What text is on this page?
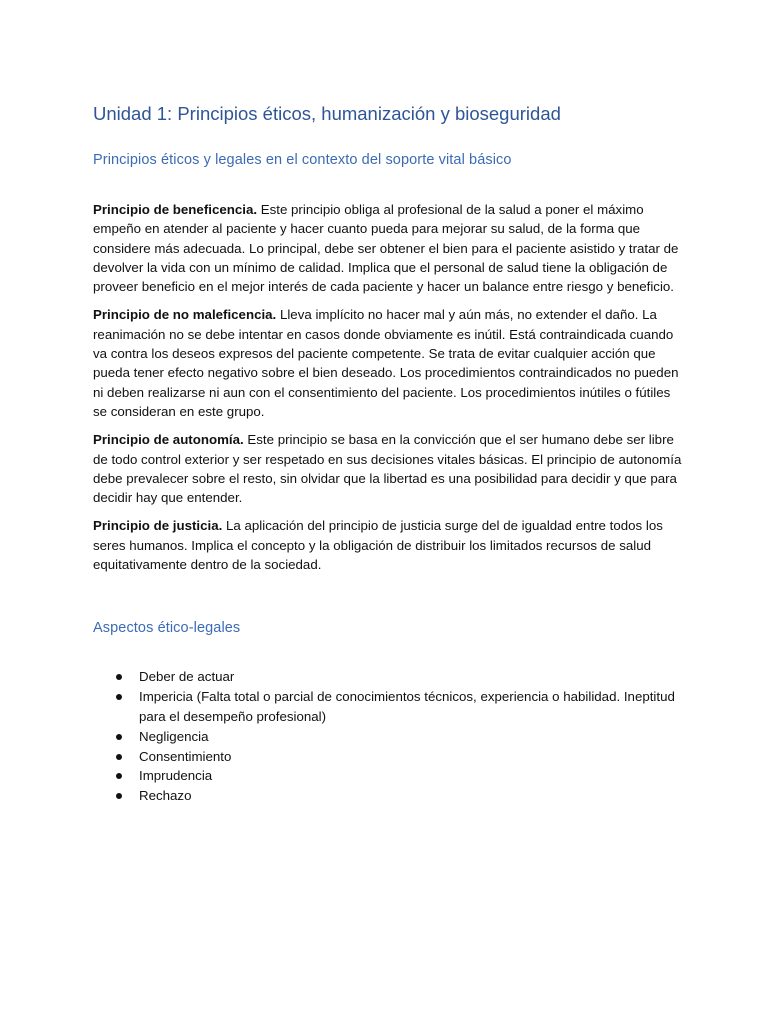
Unidad 1: Principios éticos, humanización y bioseguridad
Principios éticos y legales en el contexto del soporte vital básico

Principio de beneficencia. Este principio obliga al profesional de la salud a poner el máximo empeño en atender al paciente y hacer cuanto pueda para mejorar su salud, de la forma que considere más adecuada. Lo principal, debe ser obtener el bien para el paciente asistido y tratar de devolver la vida con un mínimo de calidad. Implica que el personal de salud tiene la obligación de proveer beneficio en el mejor interés de cada paciente y hacer un balance entre riesgo y beneficio.

Principio de no maleficencia. Lleva implícito no hacer mal y aún más, no extender el daño. La reanimación no se debe intentar en casos donde obviamente es inútil. Está contraindicada cuando va contra los deseos expresos del paciente competente. Se trata de evitar cualquier acción que pueda tener efecto negativo sobre el bien deseado. Los procedimientos contraindicados no pueden ni deben realizarse ni aun con el consentimiento del paciente. Los procedimientos inútiles o fútiles se consideran en este grupo.

Principio de autonomía. Este principio se basa en la convicción que el ser humano debe ser libre de todo control exterior y ser respetado en sus decisiones vitales básicas. El principio de autonomía debe prevalecer sobre el resto, sin olvidar que la libertad es una posibilidad para decidir y que para decidir hay que entender.

Principio de justicia. La aplicación del principio de justicia surge del de igualdad entre todos los seres humanos. Implica el concepto y la obligación de distribuir los limitados recursos de salud equitativamente dentro de la sociedad.

Aspectos ético-legales
Deber de actuar
Impericia (Falta total o parcial de conocimientos técnicos, experiencia o habilidad. Ineptitud para el desempeño profesional)
Negligencia
Consentimiento
Imprudencia
Rechazo
